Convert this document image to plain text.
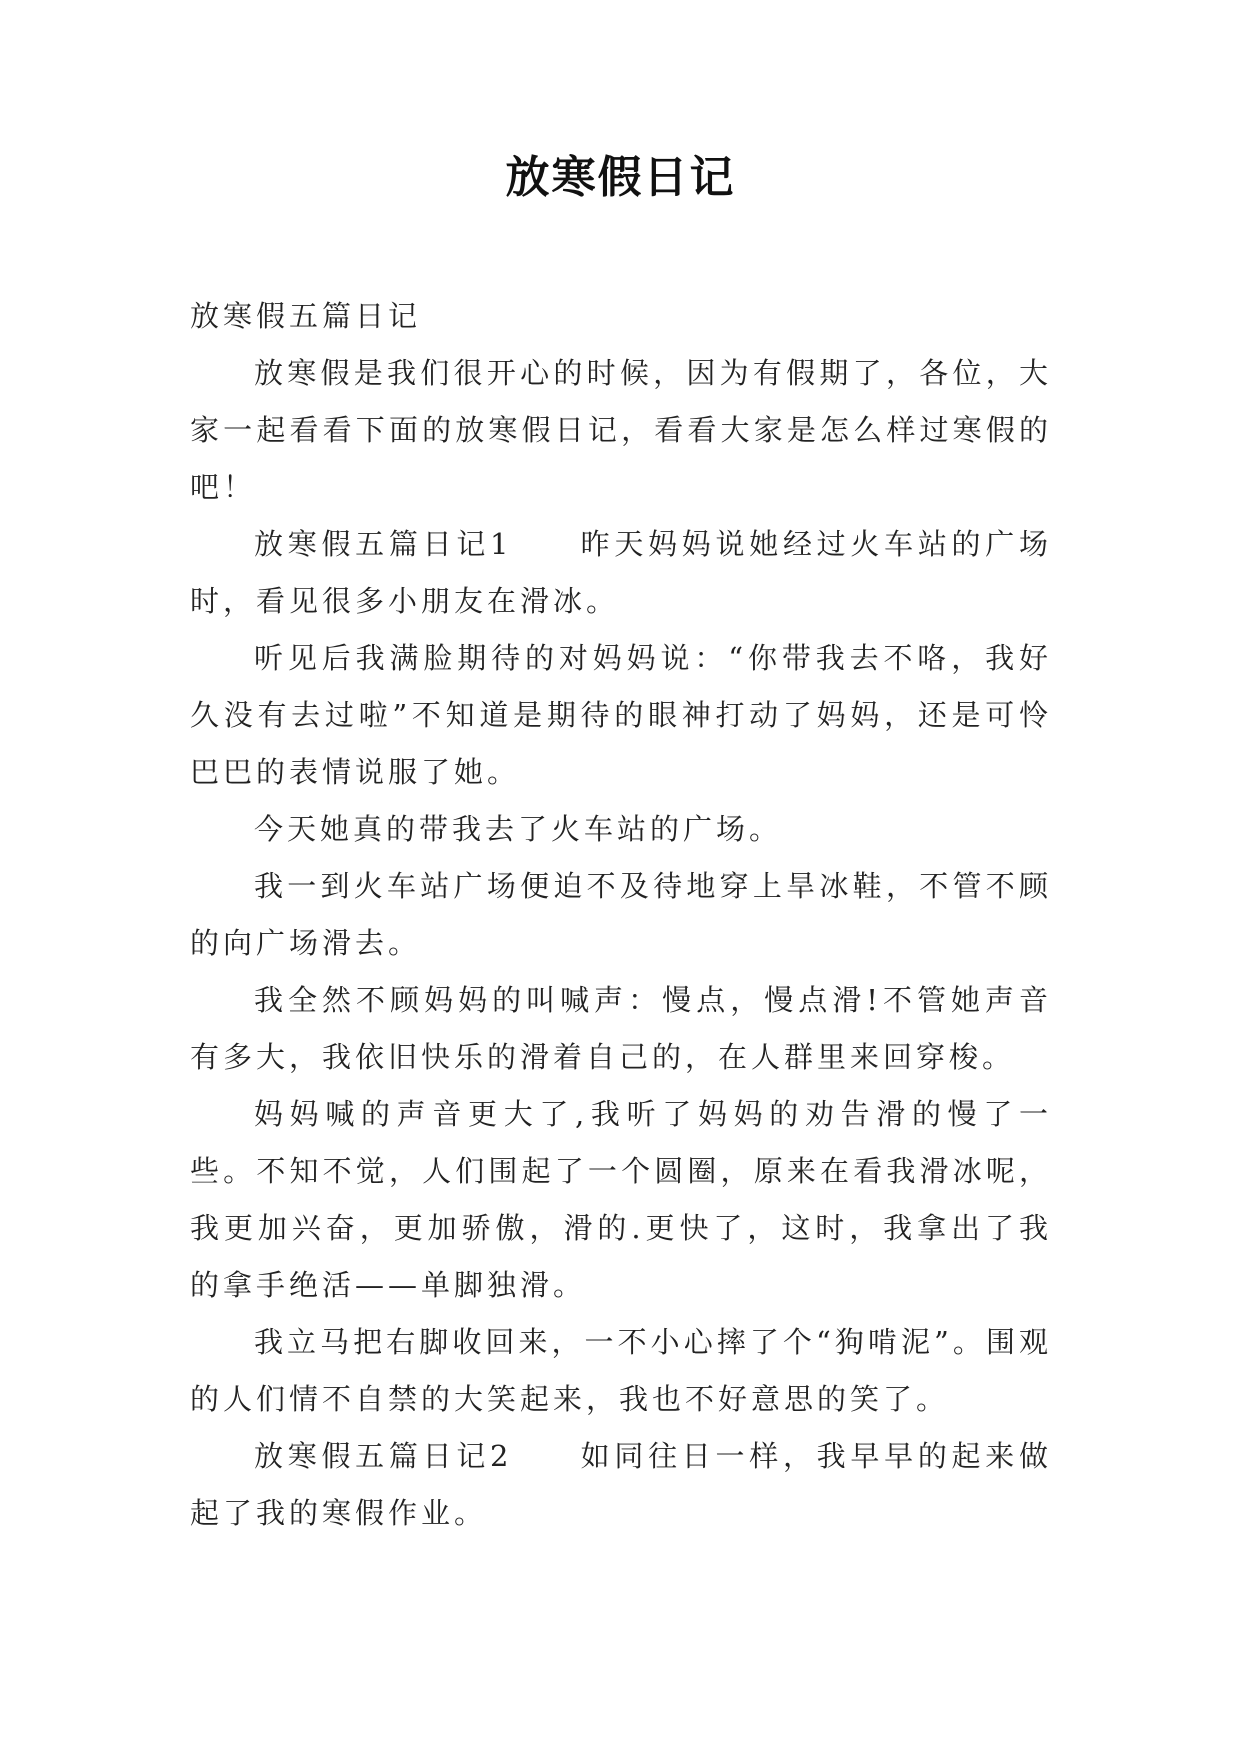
放寒假日记

放寒假五篇日记

放寒假是我们很开心的时候，因为有假期了，各位，大家一起看看下面的放寒假日记，看看大家是怎么样过寒假的吧！

放寒假五篇日记1　　昨天妈妈说她经过火车站的广场时，看见很多小朋友在滑冰。

听见后我满脸期待的对妈妈说：“你带我去不咯，我好久没有去过啦”不知道是期待的眼神打动了妈妈，还是可怜巴巴的表情说服了她。

今天她真的带我去了火车站的广场。

我一到火车站广场便迫不及待地穿上旱冰鞋，不管不顾的向广场滑去。

我全然不顾妈妈的叫喊声：慢点，慢点滑!不管她声音有多大，我依旧快乐的滑着自己的，在人群里来回穿梭。

妈妈喊的声音更大了,我听了妈妈的劝告滑的慢了一些。不知不觉，人们围起了一个圆圈，原来在看我滑冰呢，我更加兴奋，更加骄傲，滑的.更快了，这时，我拿出了我的拿手绝活——单脚独滑。

我立马把右脚收回来，一不小心摔了个“狗啃泥”。围观的人们情不自禁的大笑起来，我也不好意思的笑了。

放寒假五篇日记2　　如同往日一样，我早早的起来做起了我的寒假作业。
